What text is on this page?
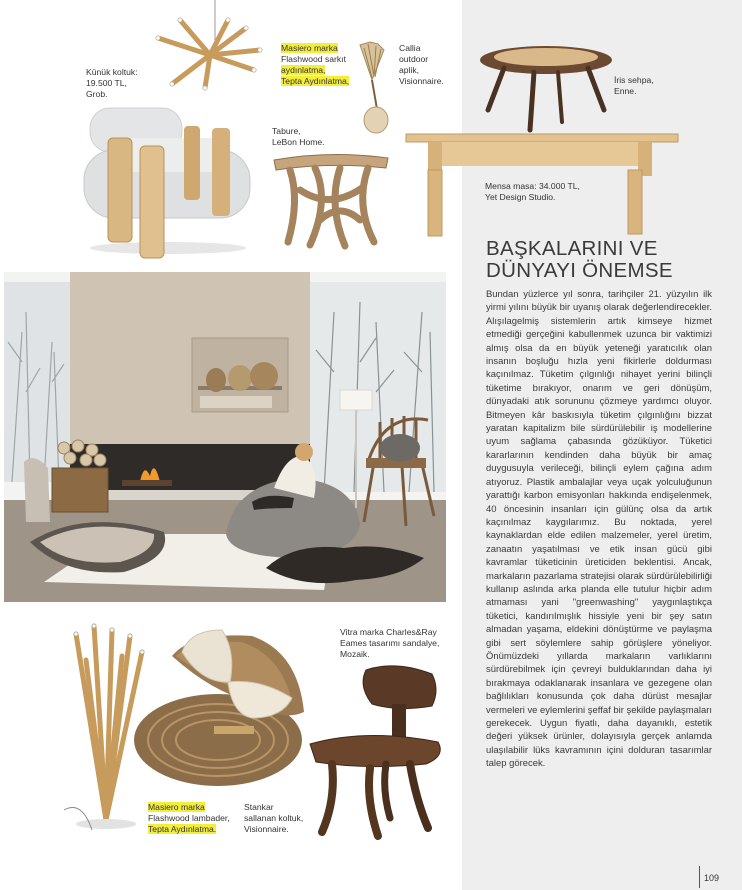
Künük koltuk:
19.500 TL,
Grob.
Masiero marka
Flashwood sarkıt
aydınlatma,
Tepta Aydınlatma,
Callia
outdoor
aplik,
Visionnaire.	İris sehpa,
Enne.
Mensa masa: 34.000 TL,
Yet Design Studio.
Tabure,
LeBon Home.
Masiero marka
Flashwood lambader,
Tepta Aydınlatma.
Stankar
sallanan koltuk,
Visionnaire.
Vitra marka Charles&Ray
Eames tasarımı sandalye,
Mozaik.
BAŞKALARINI VE
DÜNYAYI ÖNEMSE

Bundan yüzlerce yıl sonra, tarihçiler 21. yüzyılın ilk yirmi yılını büyük bir uyanış olarak değerlendirecekler. Alışılagelmiş sistemlerin artık kimseye hizmet etmediği gerçeğini kabullenmek uzunca bir vaktimizi almış olsa da en büyük yeteneği yaratıcılık olan insanın boşluğu hızla yeni fikirlerle doldurması kaçınılmaz. Tüketim çılgınlığı nihayet yerini bilinçli tüketime bırakıyor, onarım ve geri dönüşüm, dünyadaki atık sorununu çözmeye yardımcı oluyor. Bitmeyen kâr baskısıyla tüketim çılgınlığını bizzat yaratan kapitalizm bile sürdürülebilir iş modellerine uyum sağlama çabasında gözüküyor. Tüketici kararlarının kendinden daha büyük bir amaç duygusuyla verileceği, bilinçli eylem çağına adım atıyoruz. Plastik ambalajlar veya uçak yolculuğunun yarattığı karbon emisyonları hakkında endişelenmek, 40 öncesinin insanları için gülünç olsa da artık kaçınılmaz kaygılarımız. Bu noktada, yerel kaynaklardan elde edilen malzemeler, yerel üretim, zanaatın yaşatılması ve etik insan gücü gibi kavramlar tüketicinin üreticiden beklentisi. Ancak, markaların pazarlama stratejisi olarak sürdürülebilirliği kullanıp aslında arka planda elle tutulur hiçbir adım atmaması yani "greenwashing" yaygınlaştıkça tüketici, kandırılmışlık hissiyle yeni bir şey satın almadan yaşama, eldekini dönüştürme ve paylaşma gibi sert söylemlere sahip görüşlere yöneliyor. Önümüzdeki yıllarda markaların varlıklarını sürdürebilmek için çevreyi bulduklarından daha iyi bırakmaya odaklanarak insanlara ve gezegene olan bağlılıkları konusunda çok daha dürüst mesajlar vermeleri ve eylemlerini şeffaf bir şekilde paylaşmaları gerekecek. Uygun fiyatlı, daha dayanıklı, estetik değeri yüksek ürünler, dolayısıyla gerçek anlamda ulaşılabilir lüks kavramının içini dolduran tasarımlar talep görecek.

109
